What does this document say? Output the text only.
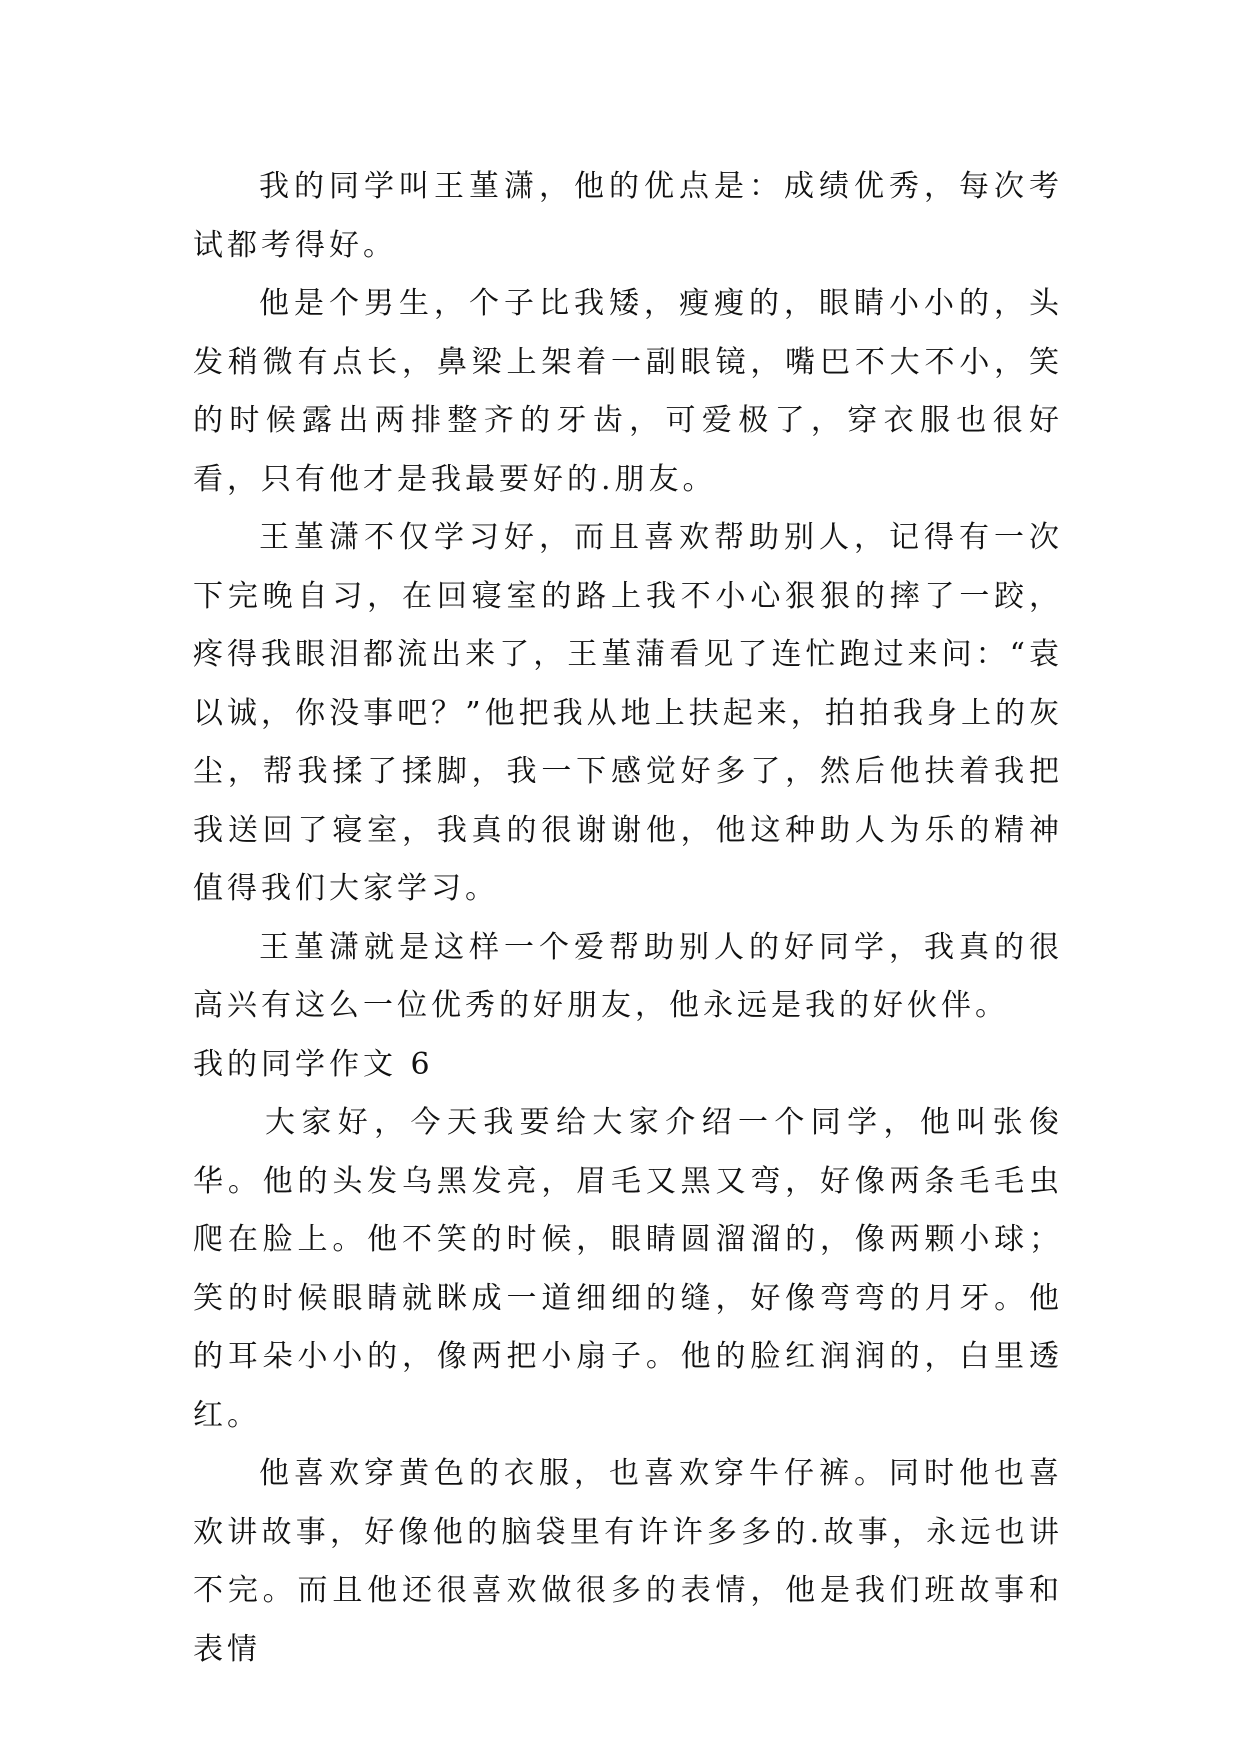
我的同学叫王堇潇，他的优点是：成绩优秀，每次考试都考得好。

他是个男生，个子比我矮，瘦瘦的，眼睛小小的，头发稍微有点长，鼻梁上架着一副眼镜，嘴巴不大不小，笑的时候露出两排整齐的牙齿，可爱极了，穿衣服也很好看，只有他才是我最要好的.朋友。

王堇潇不仅学习好，而且喜欢帮助别人，记得有一次下完晚自习，在回寝室的路上我不小心狠狠的摔了一跤，疼得我眼泪都流出来了，王堇蒲看见了连忙跑过来问：“袁以诚，你没事吧？”他把我从地上扶起来，拍拍我身上的灰尘，帮我揉了揉脚，我一下感觉好多了，然后他扶着我把我送回了寝室，我真的很谢谢他，他这种助人为乐的精神值得我们大家学习。

王堇潇就是这样一个爱帮助别人的好同学，我真的很高兴有这么一位优秀的好朋友，他永远是我的好伙伴。

我的同学作文 6

大家好，今天我要给大家介绍一个同学，他叫张俊华。他的头发乌黑发亮，眉毛又黑又弯，好像两条毛毛虫爬在脸上。他不笑的时候，眼睛圆溜溜的，像两颗小球；笑的时候眼睛就眯成一道细细的缝，好像弯弯的月牙。他的耳朵小小的，像两把小扇子。他的脸红润润的，白里透红。

他喜欢穿黄色的衣服，也喜欢穿牛仔裤。同时他也喜欢讲故事，好像他的脑袋里有许许多多的.故事，永远也讲不完。而且他还很喜欢做很多的表情，他是我们班故事和表情
